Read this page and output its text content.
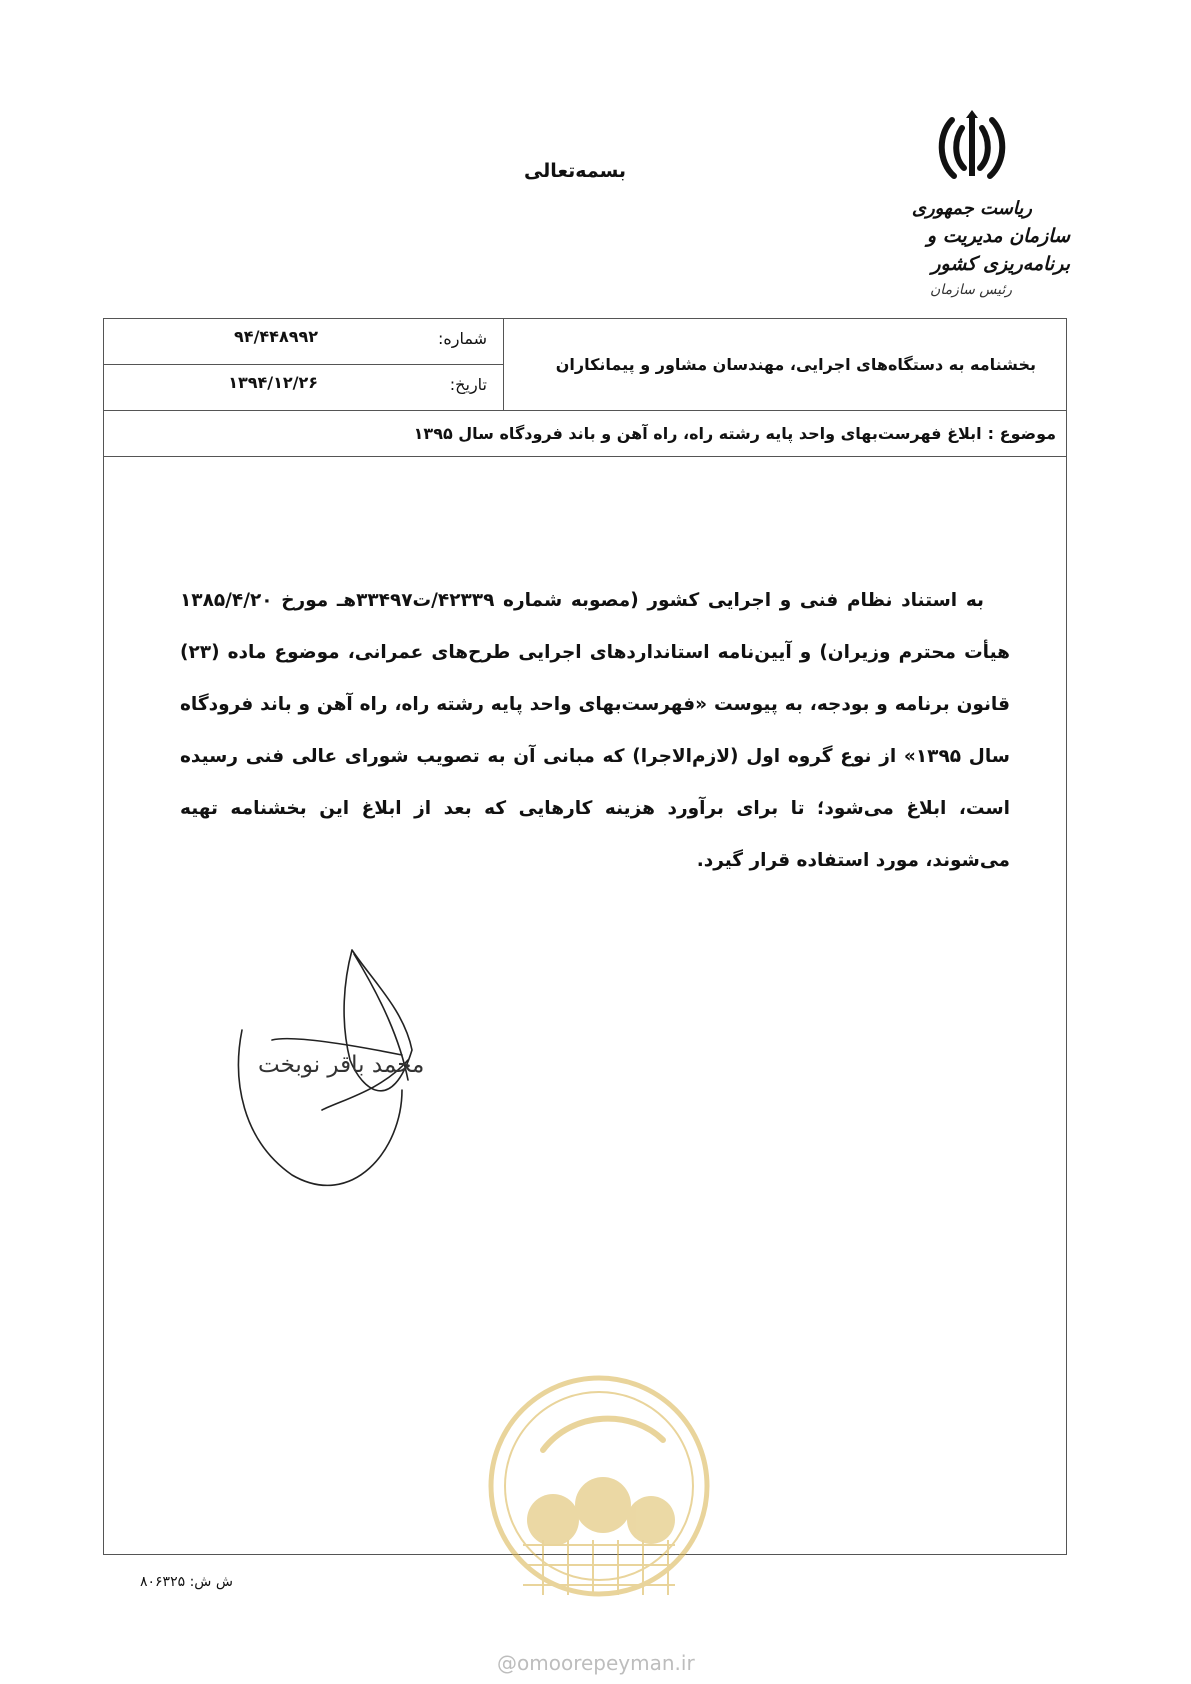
ریاست جمهوری
سازمان مدیریت و برنامه‌ریزی کشور
رئیس سازمان
بسمه‌تعالی
بخشنامه به دستگاه‌های اجرایی، مهندسان مشاور و پیمانکاران
شماره:
۹۴/۴۴۸۹۹۲
تاریخ:
۱۳۹۴/۱۲/۲۶
موضوع :
ابلاغ فهرست‌بهای واحد پایه رشته راه، راه آهن و باند فرودگاه سال ۱۳۹۵

به استناد نظام فنی و اجرایی کشور (مصوبه شماره ۴۲۳۳۹/ت۳۳۴۹۷هـ مورخ ۱۳۸۵/۴/۲۰ هیأت محترم وزیران) و آیین‌نامه استانداردهای اجرایی طرح‌های عمرانی، موضوع ماده (۲۳) قانون برنامه و بودجه، به پیوست «فهرست‌بهای واحد پایه رشته راه، راه آهن و باند فرودگاه سال ۱۳۹۵» از نوع گروه اول (لازم‌الاجرا) که مبانی آن به تصویب شورای عالی فنی رسیده است، ابلاغ می‌شود؛ تا برای برآورد هزینه کارهایی که بعد از ابلاغ این بخشنامه تهیه می‌شوند، مورد استفاده قرار گیرد.

محمد باقر نوبخت
@omoorepeyman.ir
ش ش: ۸۰۶۳۲۵
